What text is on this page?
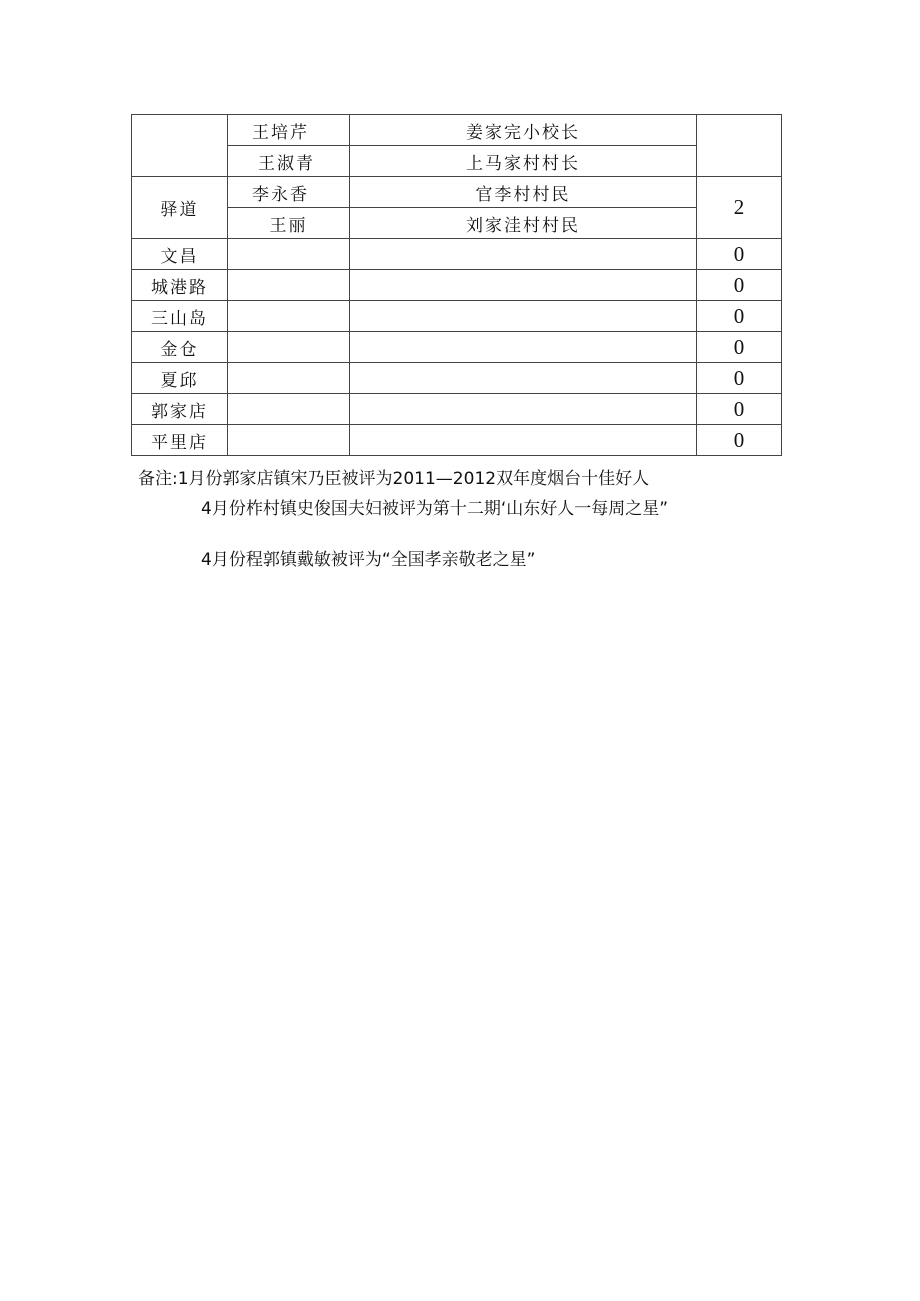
	王培芹	姜家完小校长	
	王淑青	上马家村村长	
驿道	李永香	官李村村民	2
	王丽	刘家洼村村民	
文昌			0
城港路			0
三山岛			0
金仓			0
夏邱			0
郭家店			0
平里店			0
备注:1月份郭家店镇宋乃臣被评为2011—2012双年度烟台十佳好人
4月份柞村镇史俊国夫妇被评为第十二期‘山东好人一每周之星”
4月份程郭镇戴敏被评为“全国孝亲敬老之星”
